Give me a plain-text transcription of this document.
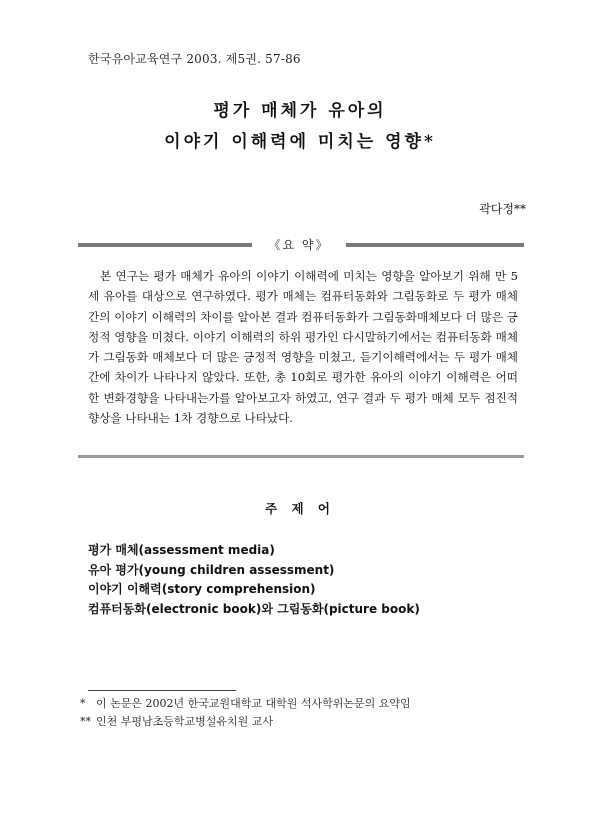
한국유아교육연구 2003. 제5권. 57-86
평가 매체가 유아의
이야기 이해력에 미치는 영향*
곽다정**
《요 약》

본 연구는 평가 매체가 유아의 이야기 이해력에 미치는 영향을 알아보기 위해 만 5세 유아를 대상으로 연구하였다. 평가 매체는 컴퓨터동화와 그림동화로 두 평가 매체간의 이야기 이해력의 차이를 알아본 결과 컴퓨터동화가 그림동화매체보다 더 많은 긍정적 영향을 미쳤다. 이야기 이해력의 하위 평가인 다시말하기에서는 컴퓨터동화 매체가 그림동화 매체보다 더 많은 긍정적 영향을 미쳤고, 듣기이해력에서는 두 평가 매체간에 차이가 나타나지 않았다. 또한, 총 10회로 평가한 유아의 이야기 이해력은 어떠한 변화경향을 나타내는가를 알아보고자 하였고, 연구 결과 두 평가 매체 모두 점진적 향상을 나타내는 1차 경향으로 나타났다.

주 제 어
평가 매체(assessment media)
유아 평가(young children assessment)
이야기 이해력(story comprehension)
컴퓨터동화(electronic book)와 그림동화(picture book)
* 이 논문은 2002년 한국교원대학교 대학원 석사학위논문의 요약임
** 인천 부평남초등학교병설유치원 교사
